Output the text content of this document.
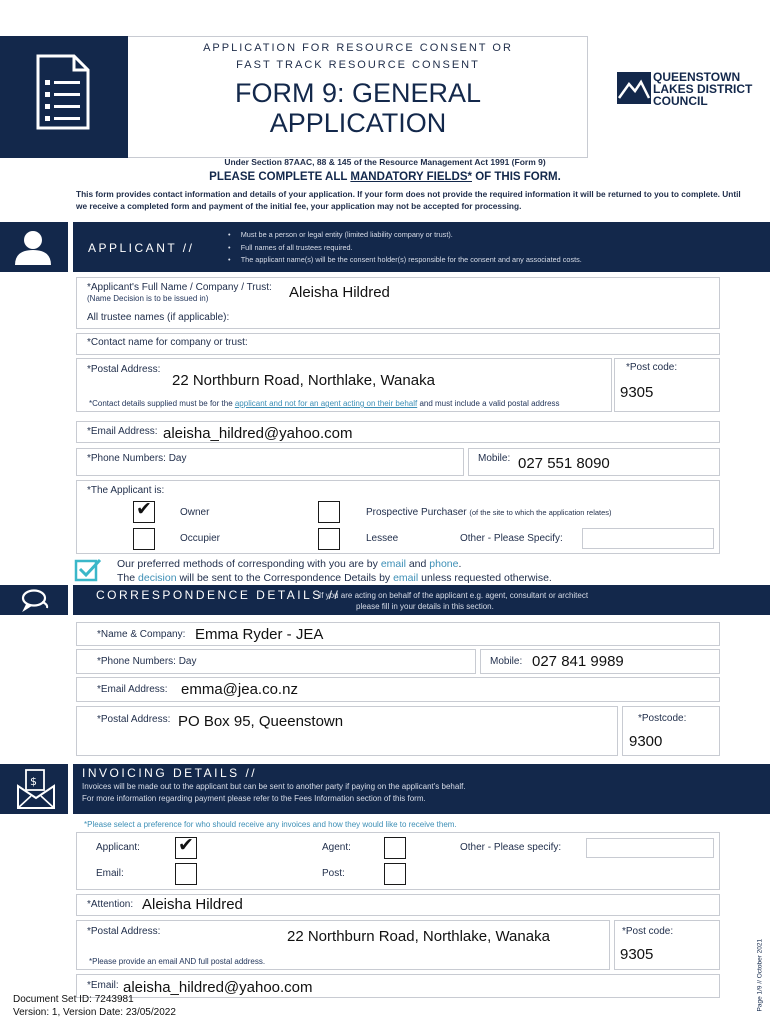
APPLICATION FOR RESOURCE CONSENT OR
FAST TRACK RESOURCE CONSENT
FORM 9: GENERAL
APPLICATION
QUEENSTOWN
LAKES DISTRICT
COUNCIL
Under Section 87AAC, 88 & 145 of the Resource Management Act 1991 (Form 9)
PLEASE COMPLETE ALL MANDATORY FIELDS* OF THIS FORM.
This form provides contact information and details of your application. If your form does not provide the required information it will be returned to you to complete. Until we receive a completed form and payment of the initial fee, your application may not be accepted for processing.
APPLICANT //
•     Must be a person or legal entity (limited liability company or trust).
•     Full names of all trustees required.
•     The applicant name(s) will be the consent holder(s) responsible for the consent and any associated costs.
*Applicant's Full Name / Company / Trust:
(Name Decision is to be issued in)	Aleisha Hildred
All trustee names (if applicable):
*Contact name for company or trust:
*Postal Address:
22 Northburn Road, Northlake, Wanaka
*Contact details supplied must be for the applicant and not for an agent acting on their behalf and must include a valid postal address
*Post code:
9305
*Email Address: aleisha_hildred@yahoo.com
*Phone Numbers: Day	Mobile: 027 551 8090
*The Applicant is:
✔	Owner	Prospective Purchaser (of the site to which the application relates)
Occupier	Lessee	Other - Please Specify:
Our preferred methods of corresponding with you are by email and phone.
The decision will be sent to the Correspondence Details by email unless requested otherwise.
CORRESPONDENCE DETAILS //
If you are acting on behalf of the applicant e.g. agent, consultant or architect
please fill in your details in this section.
*Name & Company: Emma Ryder - JEA
*Phone Numbers: Day	Mobile: 027 841 9989
*Email Address: emma@jea.co.nz
*Postal Address: PO Box 95, Queenstown	*Postcode:
9300
$
INVOICING DETAILS //
Invoices will be made out to the applicant but can be sent to another party if paying on the applicant's behalf.
For more information regarding payment please refer to the Fees Information section of this form.
*Please select a preference for who should receive any invoices and how they would like to receive them.
Applicant: ✔	Agent:	Other - Please specify:
Email:	Post:
*Attention: Aleisha Hildred
*Postal Address:	22 Northburn Road, Northlake, Wanaka
*Please provide an email AND full postal address.
*Post code:
9305
*Email: aleisha_hildred@yahoo.com	Page 1/9 // October 2021
Document Set ID: 7243981
Version: 1, Version Date: 23/05/2022
